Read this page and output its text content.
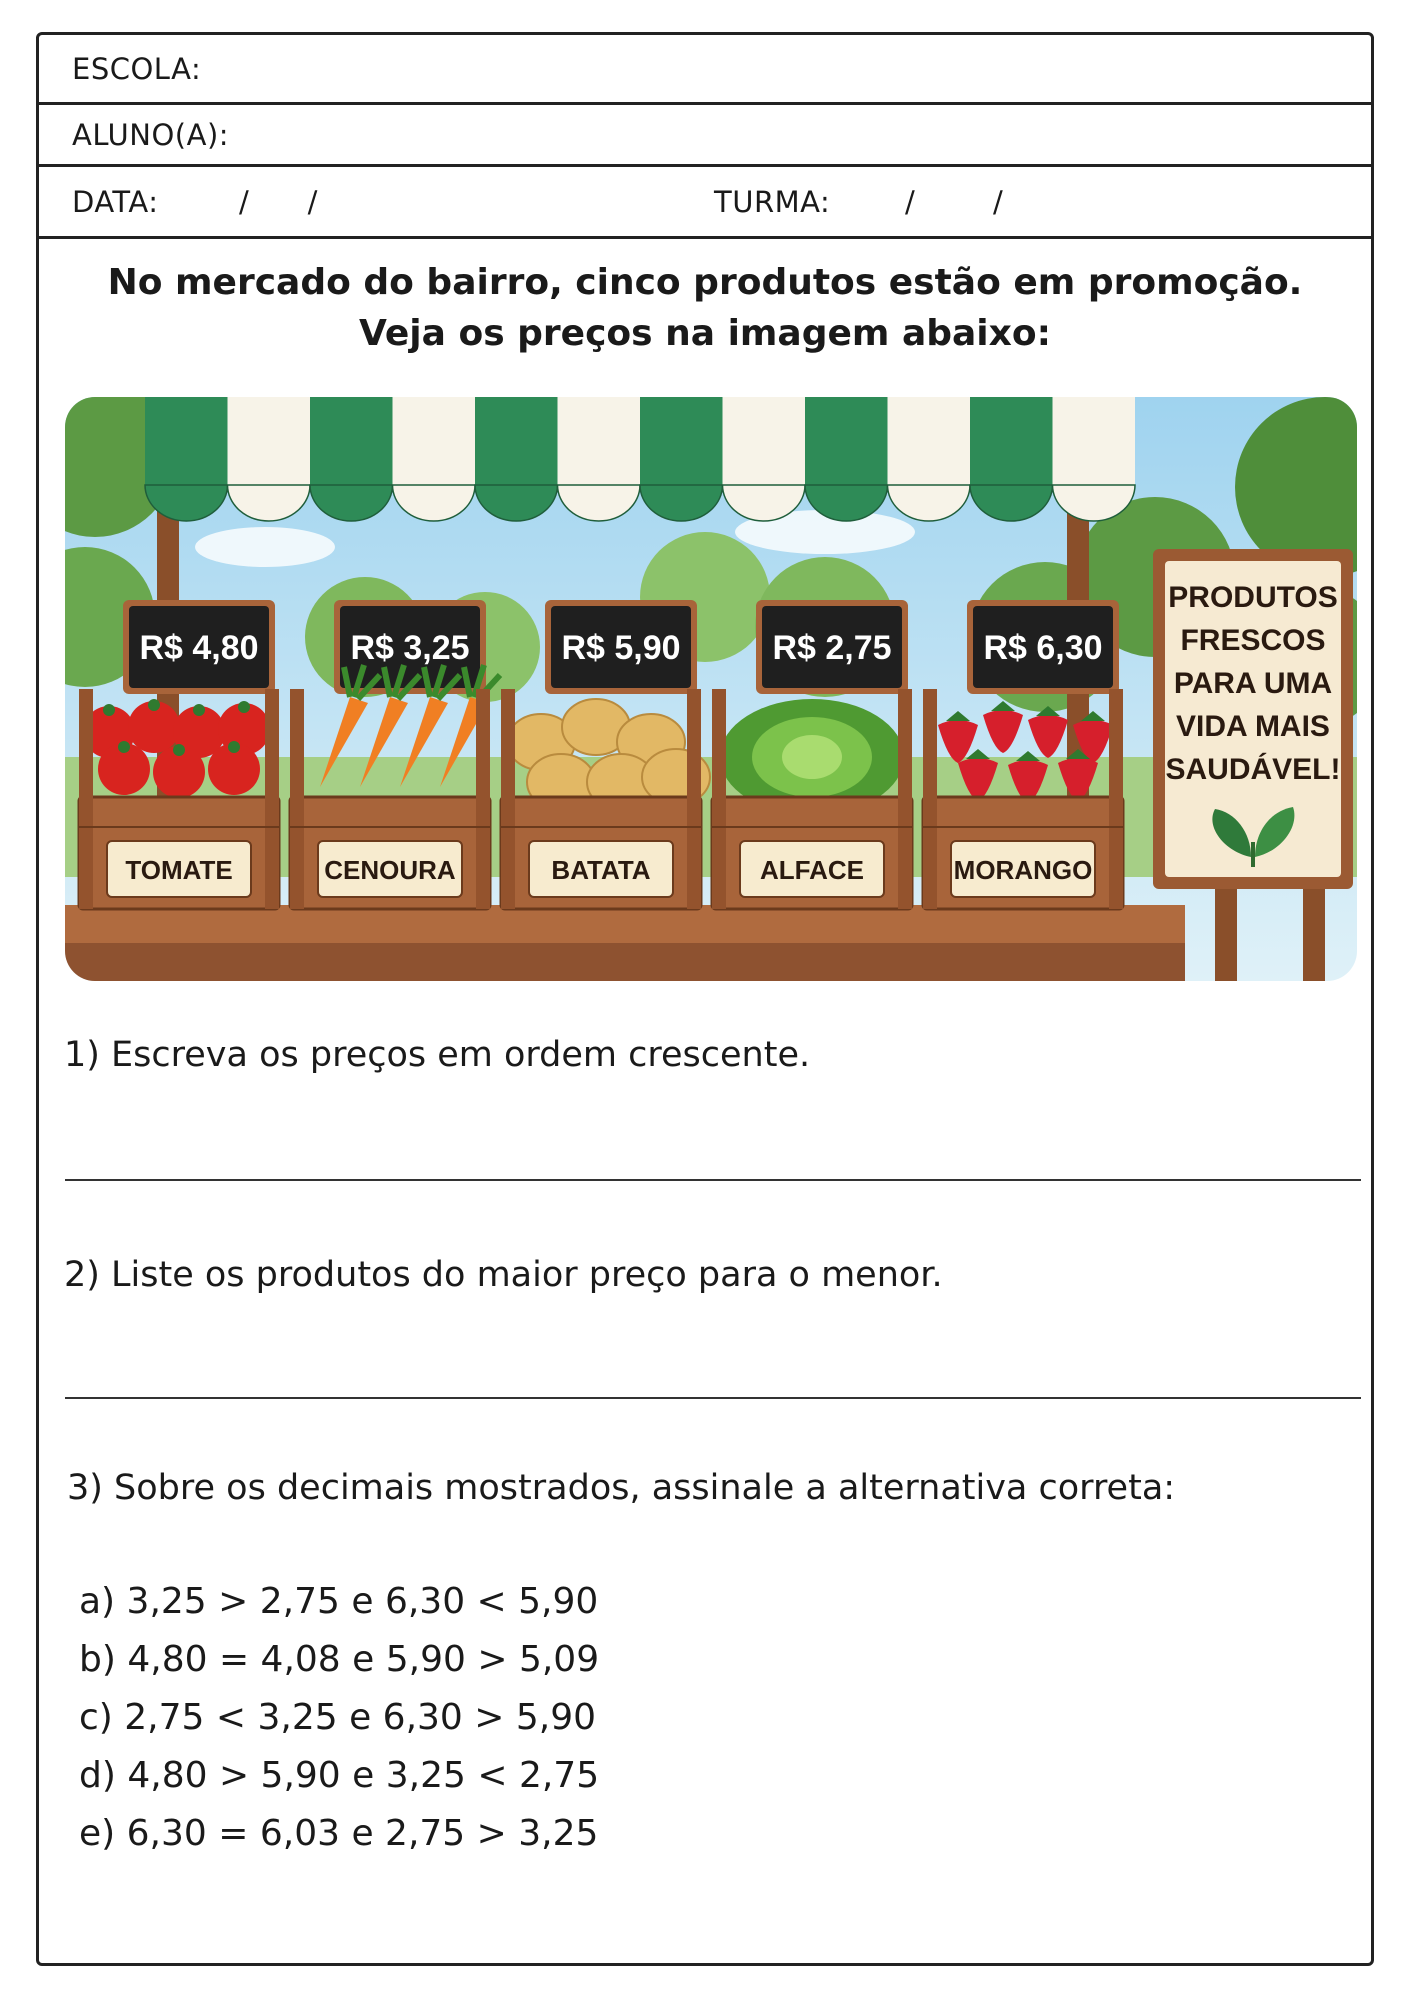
ESCOLA:
ALUNO(A):
DATA:	/      /	TURMA:	/        /
No mercado do bairro, cinco produtos estão em promoção.
Veja os preços na imagem abaixo:
R$ 4,80
TOMATE
R$ 3,25
CENOURA
R$ 5,90
BATATA
R$ 2,75
ALFACE
R$ 6,30
MORANGO
PRODUTOS
FRESCOS
PARA UMA
VIDA MAIS
SAUDÁVEL!
1) Escreva os preços em ordem crescente.
2) Liste os produtos do maior preço para o menor.
3) Sobre os decimais mostrados, assinale a alternativa correta:
a) 3,25 > 2,75 e 6,30 < 5,90
b) 4,80 = 4,08 e 5,90 > 5,09
c) 2,75 < 3,25 e 6,30 > 5,90
d) 4,80 > 5,90 e 3,25 < 2,75
e) 6,30 = 6,03 e 2,75 > 3,25
